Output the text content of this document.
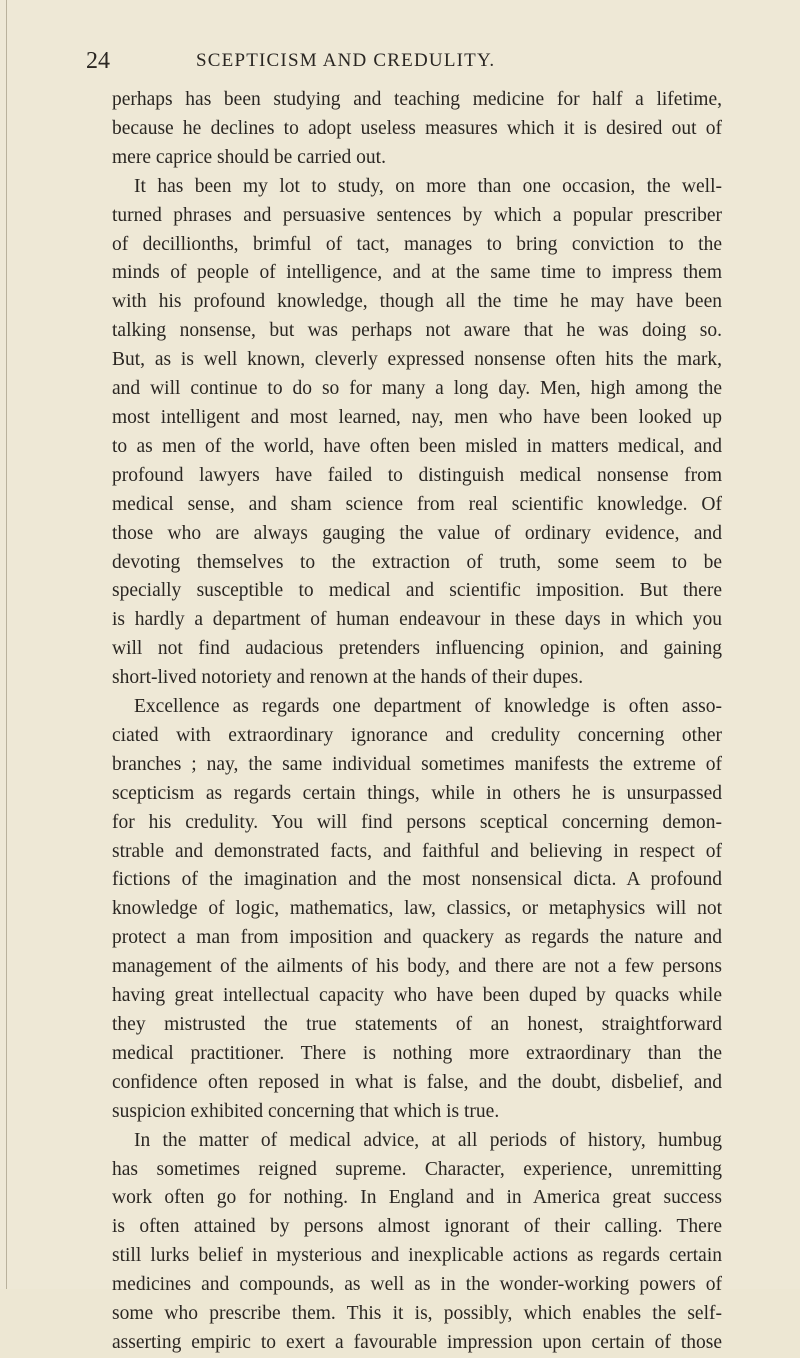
24	SCEPTICISM AND CREDULITY.
perhaps has been studying and teaching medicine for half a lifetime,
because he declines to adopt useless measures which it is desired out of
mere caprice should be carried out.
It has been my lot to study, on more than one occasion, the well-
turned phrases and persuasive sentences by which a popular prescriber
of decillionths, brimful of tact, manages to bring conviction to the
minds of people of intelligence, and at the same time to impress them
with his profound knowledge, though all the time he may have been
talking nonsense, but was perhaps not aware that he was doing so.
But, as is well known, cleverly expressed nonsense often hits the mark,
and will continue to do so for many a long day. Men, high among the
most intelligent and most learned, nay, men who have been looked up
to as men of the world, have often been misled in matters medical, and
profound lawyers have failed to distinguish medical nonsense from
medical sense, and sham science from real scientific knowledge. Of
those who are always gauging the value of ordinary evidence, and
devoting themselves to the extraction of truth, some seem to be
specially susceptible to medical and scientific imposition. But there
is hardly a department of human endeavour in these days in which you
will not find audacious pretenders influencing opinion, and gaining
short-lived notoriety and renown at the hands of their dupes.
Excellence as regards one department of knowledge is often asso-
ciated with extraordinary ignorance and credulity concerning other
branches ; nay, the same individual sometimes manifests the extreme of
scepticism as regards certain things, while in others he is unsurpassed
for his credulity. You will find persons sceptical concerning demon-
strable and demonstrated facts, and faithful and believing in respect of
fictions of the imagination and the most nonsensical dicta. A profound
knowledge of logic, mathematics, law, classics, or metaphysics will not
protect a man from imposition and quackery as regards the nature and
management of the ailments of his body, and there are not a few persons
having great intellectual capacity who have been duped by quacks while
they mistrusted the true statements of an honest, straightforward
medical practitioner. There is nothing more extraordinary than the
confidence often reposed in what is false, and the doubt, disbelief, and
suspicion exhibited concerning that which is true.
In the matter of medical advice, at all periods of history, humbug
has sometimes reigned supreme. Character, experience, unremitting
work often go for nothing. In England and in America great success
is often attained by persons almost ignorant of their calling. There
still lurks belief in mysterious and inexplicable actions as regards certain
medicines and compounds, as well as in the wonder-working powers of
some who prescribe them. This it is, possibly, which enables the self-
asserting empiric to exert a favourable impression upon certain of those
